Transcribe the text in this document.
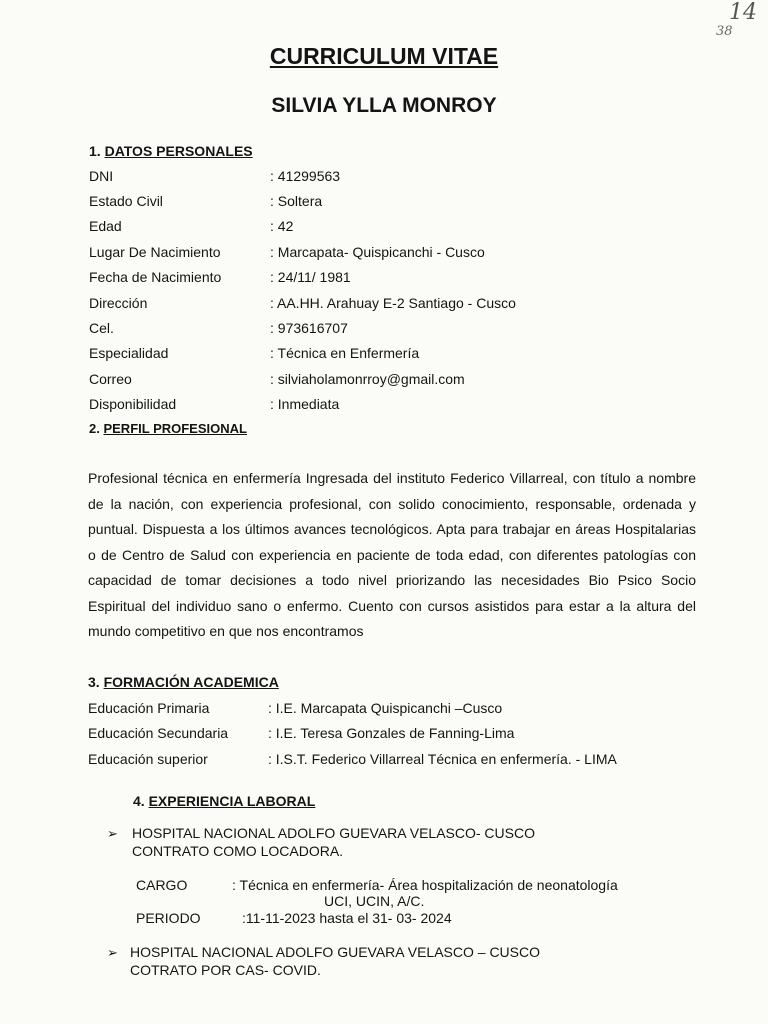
14
38
CURRICULUM VITAE
SILVIA YLLA MONROY
1. DATOS PERSONALES
DNI	: 41299563
Estado Civil	: Soltera
Edad	: 42
Lugar De Nacimiento	: Marcapata- Quispicanchi - Cusco
Fecha de Nacimiento	: 24/11/ 1981
Dirección	: AA.HH. Arahuay E-2 Santiago - Cusco
Cel.	: 973616707
Especialidad	: Técnica en Enfermería
Correo	: silviaholamonrroy@gmail.com
Disponibilidad	: Inmediata
2. PERFIL PROFESIONAL
Profesional técnica en enfermería Ingresada del instituto Federico Villarreal, con título a nombre de la nación, con experiencia profesional, con solido conocimiento, responsable, ordenada y puntual. Dispuesta a los últimos avances tecnológicos. Apta para trabajar en áreas Hospitalarias o de Centro de Salud con experiencia en paciente de toda edad, con diferentes patologías con capacidad de tomar decisiones a todo nivel priorizando las necesidades Bio Psico Socio Espiritual del individuo sano o enfermo. Cuento con cursos asistidos para estar a la altura del mundo competitivo en que nos encontramos
3. FORMACIÓN ACADEMICA
Educación Primaria	: I.E. Marcapata Quispicanchi –Cusco
Educación Secundaria	: I.E. Teresa Gonzales de Fanning-Lima
Educación superior	: I.S.T. Federico Villarreal Técnica en enfermería. - LIMA
4. EXPERIENCIA LABORAL
➢ HOSPITAL NACIONAL ADOLFO GUEVARA VELASCO- CUSCO
CONTRATO COMO LOCADORA.
CARGO	: Técnica en enfermería- Área hospitalización de neonatología
UCI, UCIN, A/C.
PERIODO	:11-11-2023 hasta el 31- 03- 2024
➢ HOSPITAL NACIONAL ADOLFO GUEVARA VELASCO – CUSCO
COTRATO POR CAS- COVID.
